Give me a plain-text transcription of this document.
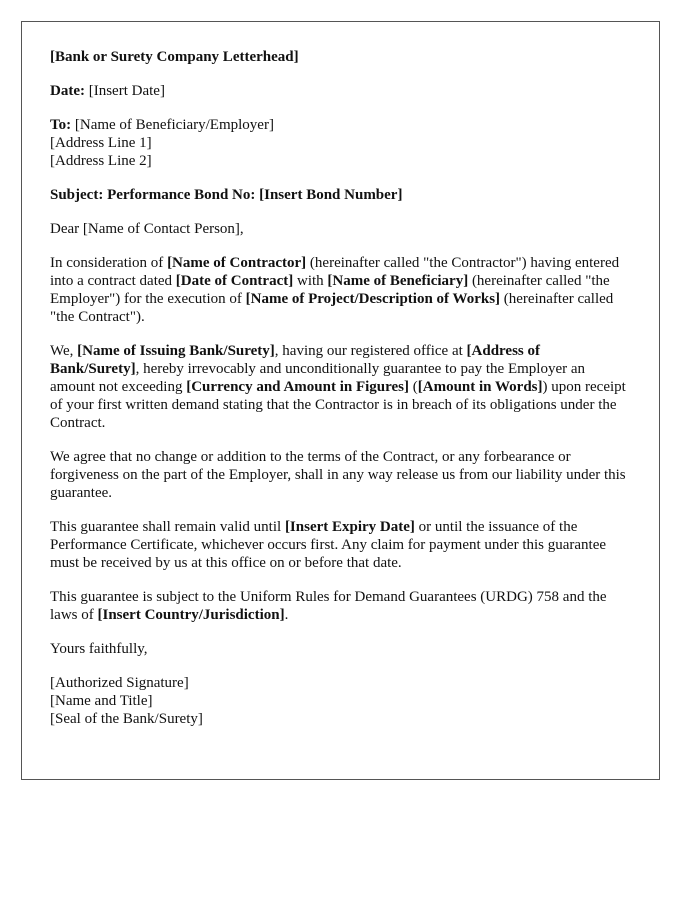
[Bank or Surety Company Letterhead]

Date: [Insert Date]

To: [Name of Beneficiary/Employer]
[Address Line 1]
[Address Line 2]

Subject: Performance Bond No: [Insert Bond Number]

Dear [Name of Contact Person],

In consideration of [Name of Contractor] (hereinafter called "the Contractor") having entered into a contract dated [Date of Contract] with [Name of Beneficiary] (hereinafter called "the Employer") for the execution of [Name of Project/Description of Works] (hereinafter called "the Contract").

We, [Name of Issuing Bank/Surety], having our registered office at [Address of Bank/Surety], hereby irrevocably and unconditionally guarantee to pay the Employer an amount not exceeding [Currency and Amount in Figures] ([Amount in Words]) upon receipt of your first written demand stating that the Contractor is in breach of its obligations under the Contract.

We agree that no change or addition to the terms of the Contract, or any forbearance or forgiveness on the part of the Employer, shall in any way release us from our liability under this guarantee.

This guarantee shall remain valid until [Insert Expiry Date] or until the issuance of the Performance Certificate, whichever occurs first. Any claim for payment under this guarantee must be received by us at this office on or before that date.

This guarantee is subject to the Uniform Rules for Demand Guarantees (URDG) 758 and the laws of [Insert Country/Jurisdiction].

Yours faithfully,

[Authorized Signature]
[Name and Title]
[Seal of the Bank/Surety]
